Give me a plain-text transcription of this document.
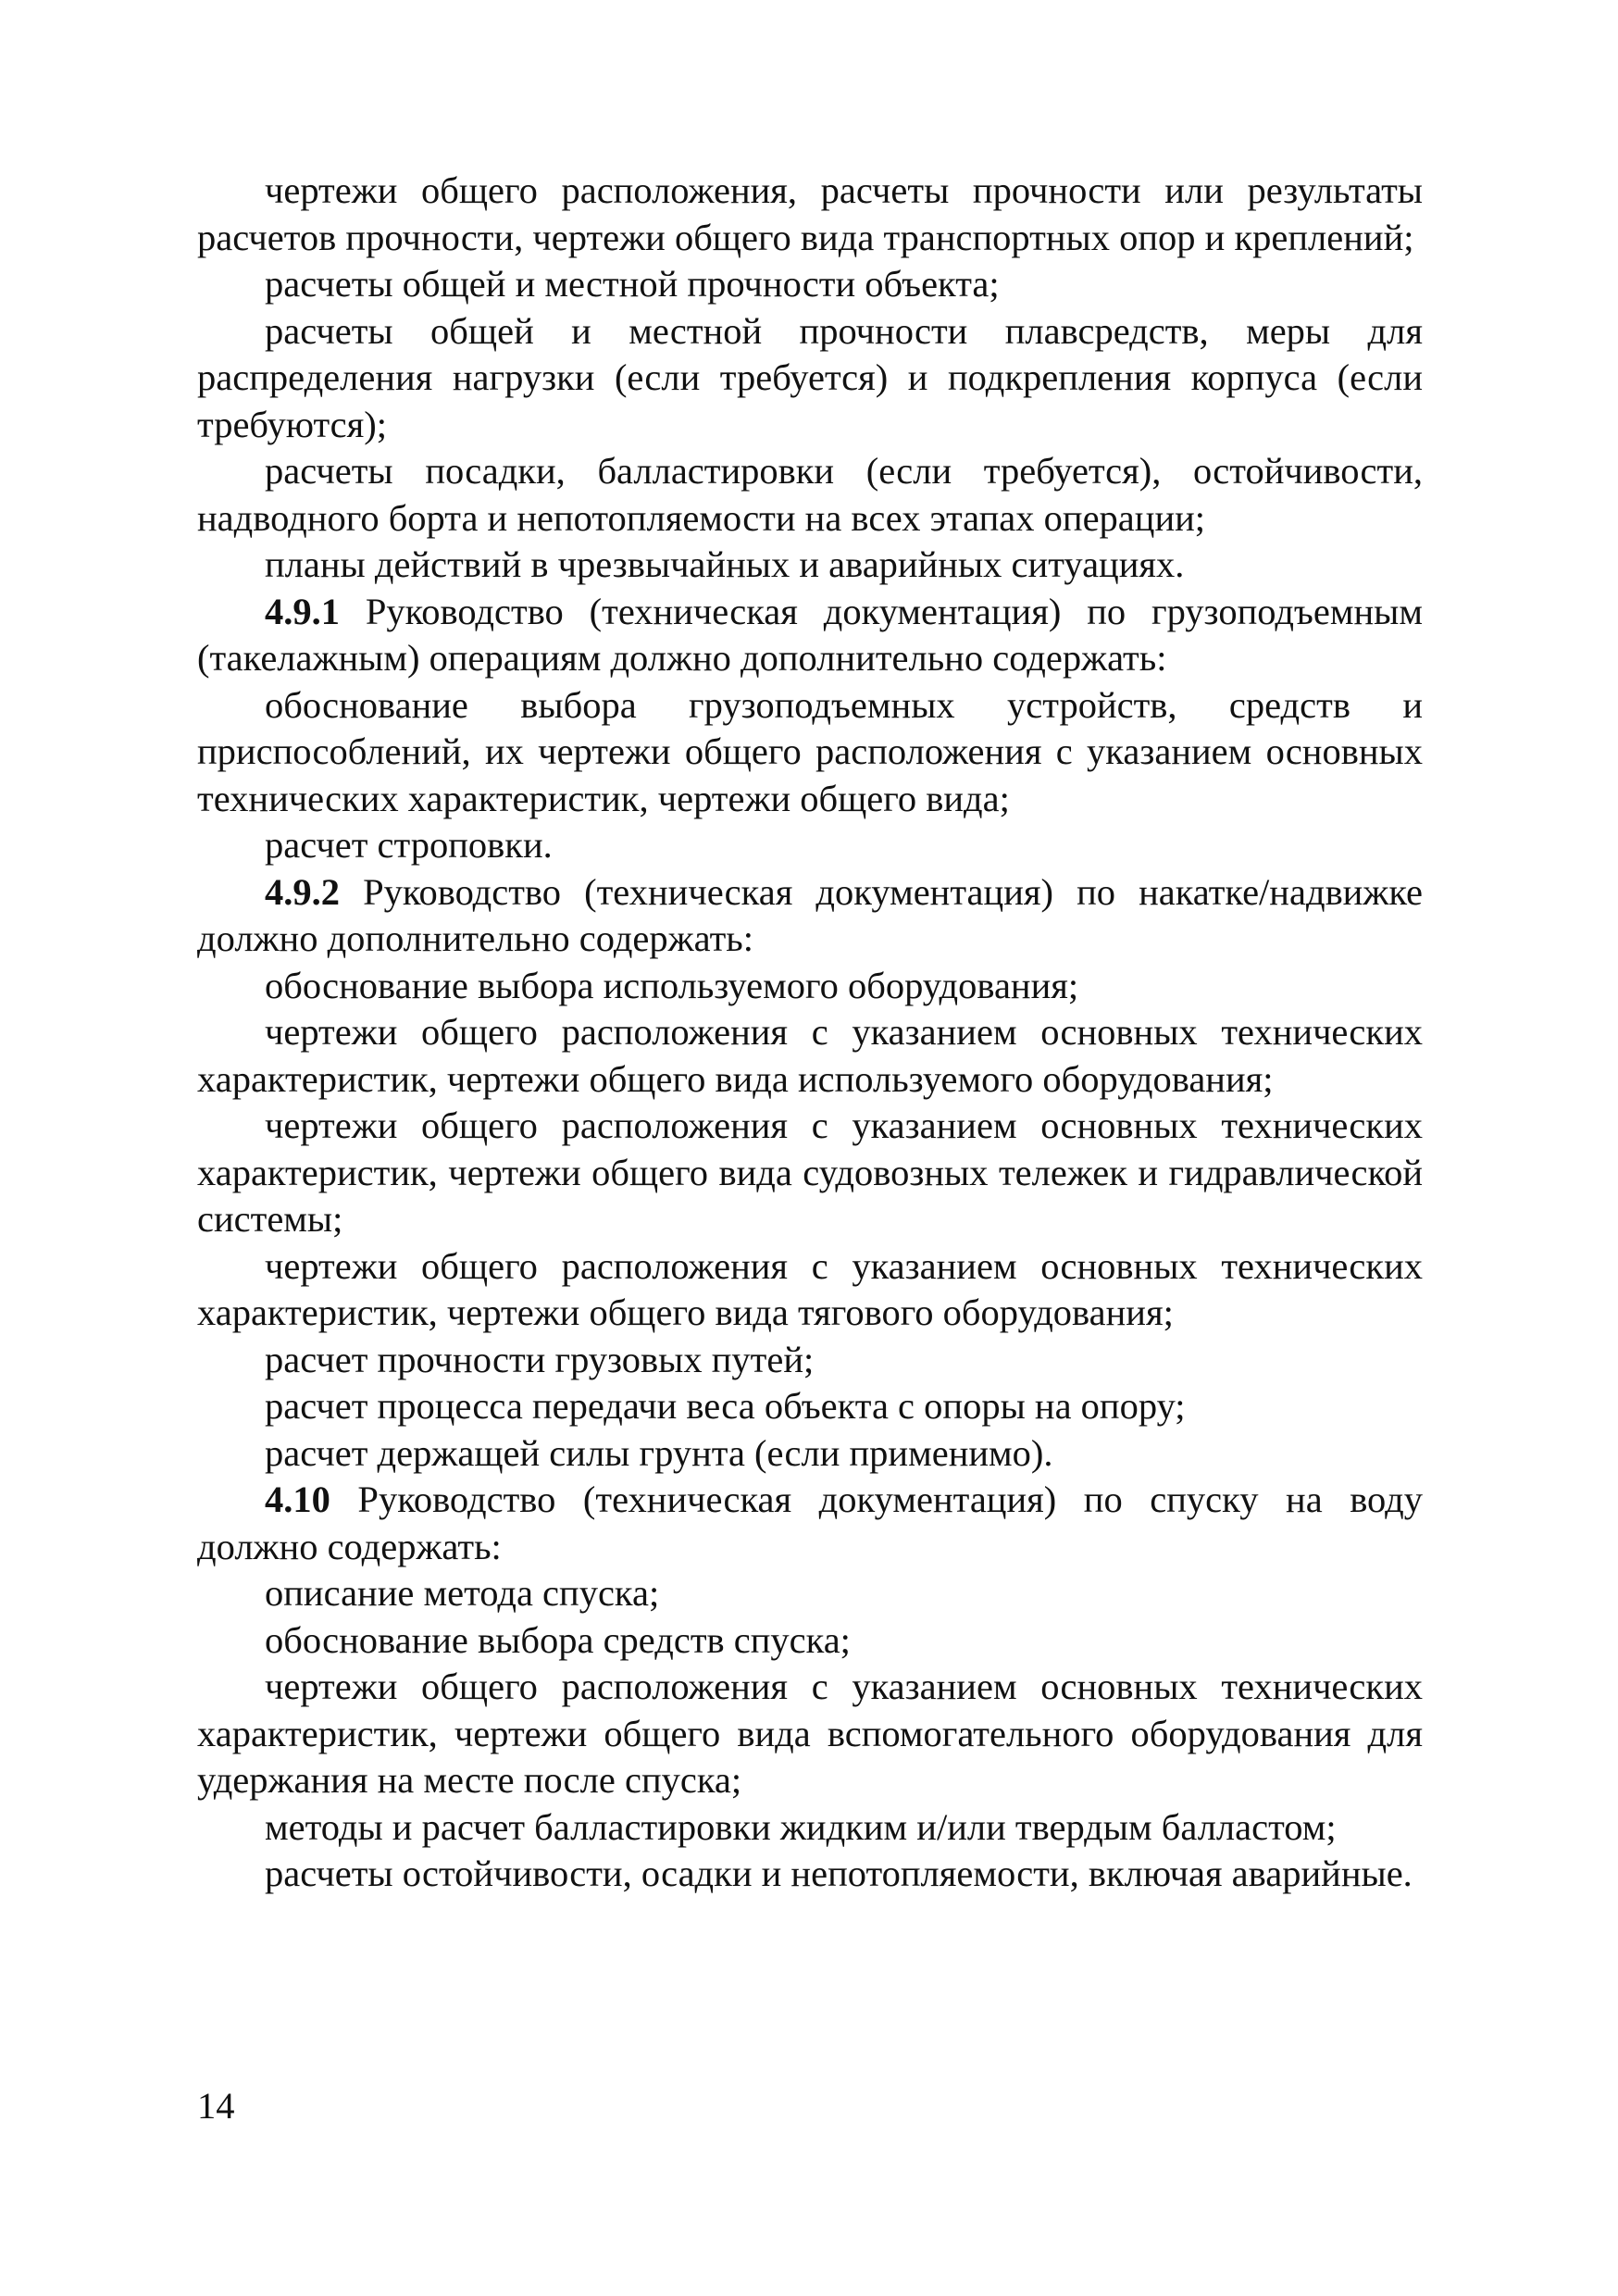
чертежи общего расположения, расчеты прочности или результаты расчетов прочности, чертежи общего вида транспортных опор и креплений;

расчеты общей и местной прочности объекта;

расчеты общей и местной прочности плавсредств, меры для распределения нагрузки (если требуется) и подкрепления корпуса (если требуются);

расчеты посадки, балластировки (если требуется), остойчивости, надводного борта и непотопляемости на всех этапах операции;

планы действий в чрезвычайных и аварийных ситуациях.

4.9.1 Руководство (техническая документация) по грузоподъемным (такелажным) операциям должно дополнительно содержать:

обоснование выбора грузоподъемных устройств, средств и приспособлений, их чертежи общего расположения с указанием основных технических характеристик, чертежи общего вида;

расчет строповки.

4.9.2 Руководство (техническая документация) по накатке/надвижке должно дополнительно содержать:

обоснование выбора используемого оборудования;

чертежи общего расположения с указанием основных технических характеристик, чертежи общего вида используемого оборудования;

чертежи общего расположения с указанием основных технических характеристик, чертежи общего вида судовозных тележек и гидравлической системы;

чертежи общего расположения с указанием основных технических характеристик, чертежи общего вида тягового оборудования;

расчет прочности грузовых путей;

расчет процесса передачи веса объекта с опоры на опору;

расчет держащей силы грунта (если применимо).

4.10 Руководство (техническая документация) по спуску на воду должно содержать:

описание метода спуска;

обоснование выбора средств спуска;

чертежи общего расположения с указанием основных технических характеристик, чертежи общего вида вспомогательного оборудования для удержания на месте после спуска;

методы и расчет балластировки жидким и/или твердым балластом;

расчеты остойчивости, осадки и непотопляемости, включая аварийные.

14
